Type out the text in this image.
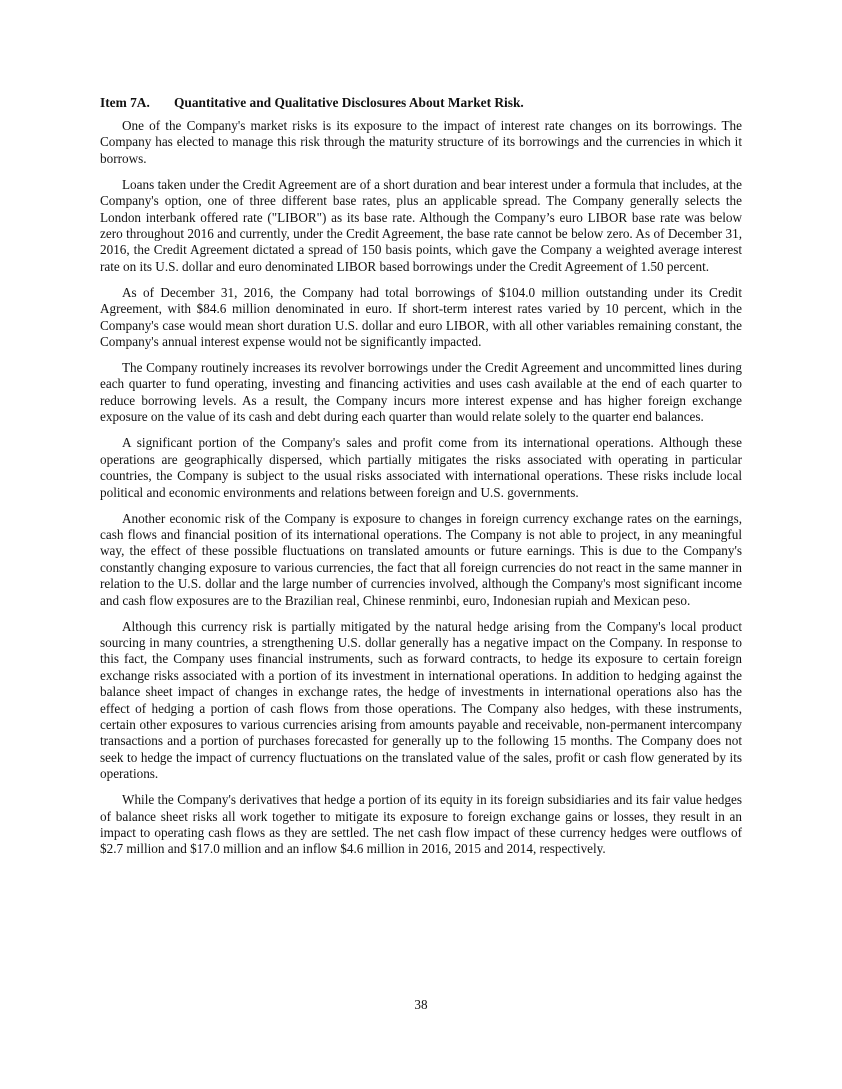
Item 7A. Quantitative and Qualitative Disclosures About Market Risk.

One of the Company's market risks is its exposure to the impact of interest rate changes on its borrowings. The Company has elected to manage this risk through the maturity structure of its borrowings and the currencies in which it borrows.

Loans taken under the Credit Agreement are of a short duration and bear interest under a formula that includes, at the Company's option, one of three different base rates, plus an applicable spread. The Company generally selects the London interbank offered rate ("LIBOR") as its base rate. Although the Company’s euro LIBOR base rate was below zero throughout 2016 and currently, under the Credit Agreement, the base rate cannot be below zero. As of December 31, 2016, the Credit Agreement dictated a spread of 150 basis points, which gave the Company a weighted average interest rate on its U.S. dollar and euro denominated LIBOR based borrowings under the Credit Agreement of 1.50 percent.

As of December 31, 2016, the Company had total borrowings of $104.0 million outstanding under its Credit Agreement, with $84.6 million denominated in euro. If short-term interest rates varied by 10 percent, which in the Company's case would mean short duration U.S. dollar and euro LIBOR, with all other variables remaining constant, the Company's annual interest expense would not be significantly impacted.

The Company routinely increases its revolver borrowings under the Credit Agreement and uncommitted lines during each quarter to fund operating, investing and financing activities and uses cash available at the end of each quarter to reduce borrowing levels. As a result, the Company incurs more interest expense and has higher foreign exchange exposure on the value of its cash and debt during each quarter than would relate solely to the quarter end balances.

A significant portion of the Company's sales and profit come from its international operations. Although these operations are geographically dispersed, which partially mitigates the risks associated with operating in particular countries, the Company is subject to the usual risks associated with international operations. These risks include local political and economic environments and relations between foreign and U.S. governments.

Another economic risk of the Company is exposure to changes in foreign currency exchange rates on the earnings, cash flows and financial position of its international operations. The Company is not able to project, in any meaningful way, the effect of these possible fluctuations on translated amounts or future earnings. This is due to the Company's constantly changing exposure to various currencies, the fact that all foreign currencies do not react in the same manner in relation to the U.S. dollar and the large number of currencies involved, although the Company's most significant income and cash flow exposures are to the Brazilian real, Chinese renminbi, euro, Indonesian rupiah and Mexican peso.

Although this currency risk is partially mitigated by the natural hedge arising from the Company's local product sourcing in many countries, a strengthening U.S. dollar generally has a negative impact on the Company. In response to this fact, the Company uses financial instruments, such as forward contracts, to hedge its exposure to certain foreign exchange risks associated with a portion of its investment in international operations. In addition to hedging against the balance sheet impact of changes in exchange rates, the hedge of investments in international operations also has the effect of hedging a portion of cash flows from those operations. The Company also hedges, with these instruments, certain other exposures to various currencies arising from amounts payable and receivable, non-permanent intercompany transactions and a portion of purchases forecasted for generally up to the following 15 months. The Company does not seek to hedge the impact of currency fluctuations on the translated value of the sales, profit or cash flow generated by its operations.

While the Company's derivatives that hedge a portion of its equity in its foreign subsidiaries and its fair value hedges of balance sheet risks all work together to mitigate its exposure to foreign exchange gains or losses, they result in an impact to operating cash flows as they are settled. The net cash flow impact of these currency hedges were outflows of $2.7 million and $17.0 million and an inflow $4.6 million in 2016, 2015 and 2014, respectively.

38
